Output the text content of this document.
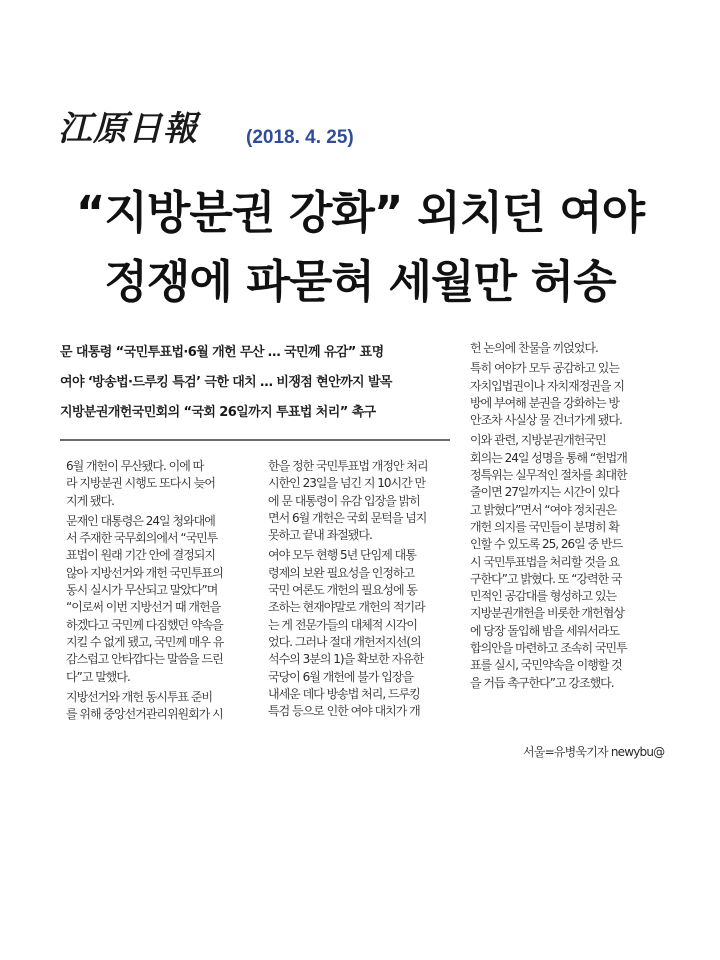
江原日報	(2018. 4. 25)
“지방분권 강화” 외치던 여야
정쟁에 파묻혀 세월만 허송
문 대통령 “국민투표법·6월 개헌 무산 … 국민께 유감” 표명
여야 ‘방송법·드루킹 특검’ 극한 대치 … 비쟁점 현안까지 발목
지방분권개헌국민회의 “국회 26일까지 투표법 처리” 촉구
6월 개헌이 무산됐다. 이에 따
라 지방분권 시행도 또다시 늦어
지게 됐다.
문재인 대통령은 24일 청와대에
서 주재한 국무회의에서 “국민투
표법이 원래 기간 안에 결정되지
않아 지방선거와 개헌 국민투표의
동시 실시가 무산되고 말았다”며
“이로써 이번 지방선거 때 개헌을
하겠다고 국민께 다짐했던 약속을
지킬 수 없게 됐고, 국민께 매우 유
감스럽고 안타깝다는 말씀을 드린
다”고 말했다.
지방선거와 개헌 동시투표 준비
를 위해 중앙선거관리위원회가 시
한을 정한 국민투표법 개정안 처리
시한인 23일을 넘긴 지 10시간 만
에 문 대통령이 유감 입장을 밝히
면서 6월 개헌은 국회 문턱을 넘지
못하고 끝내 좌절됐다.
여야 모두 현행 5년 단임제 대통
령제의 보완 필요성을 인정하고
국민 여론도 개헌의 필요성에 동
조하는 현재야말로 개헌의 적기라
는 게 전문가들의 대체적 시각이
었다. 그러나 절대 개헌저지선(의
석수의 3분의 1)을 확보한 자유한
국당이 6월 개헌에 불가 입장을
내세운 데다 방송법 처리, 드루킹
특검 등으로 인한 여야 대치가 개
헌 논의에 찬물을 끼얹었다.
특히 여야가 모두 공감하고 있는
자치입법권이나 자치재정권을 지
방에 부여해 분권을 강화하는 방
안조차 사실상 물 건너가게 됐다.
이와 관련, 지방분권개헌국민
회의는 24일 성명을 통해 “헌법개
정특위는 실무적인 절차를 최대한
줄이면 27일까지는 시간이 있다
고 밝혔다”면서 “여야 정치권은
개헌 의지를 국민들이 분명히 확
인할 수 있도록 25, 26일 중 반드
시 국민투표법을 처리할 것을 요
구한다”고 밝혔다. 또 “강력한 국
민적인 공감대를 형성하고 있는
지방분권개헌을 비롯한 개헌협상
에 당장 돌입해 밤을 세워서라도
합의안을 마련하고 조속히 국민투
표를 실시, 국민약속을 이행할 것
을 거듭 촉구한다”고 강조했다.
서울=유병욱기자 newybu@
